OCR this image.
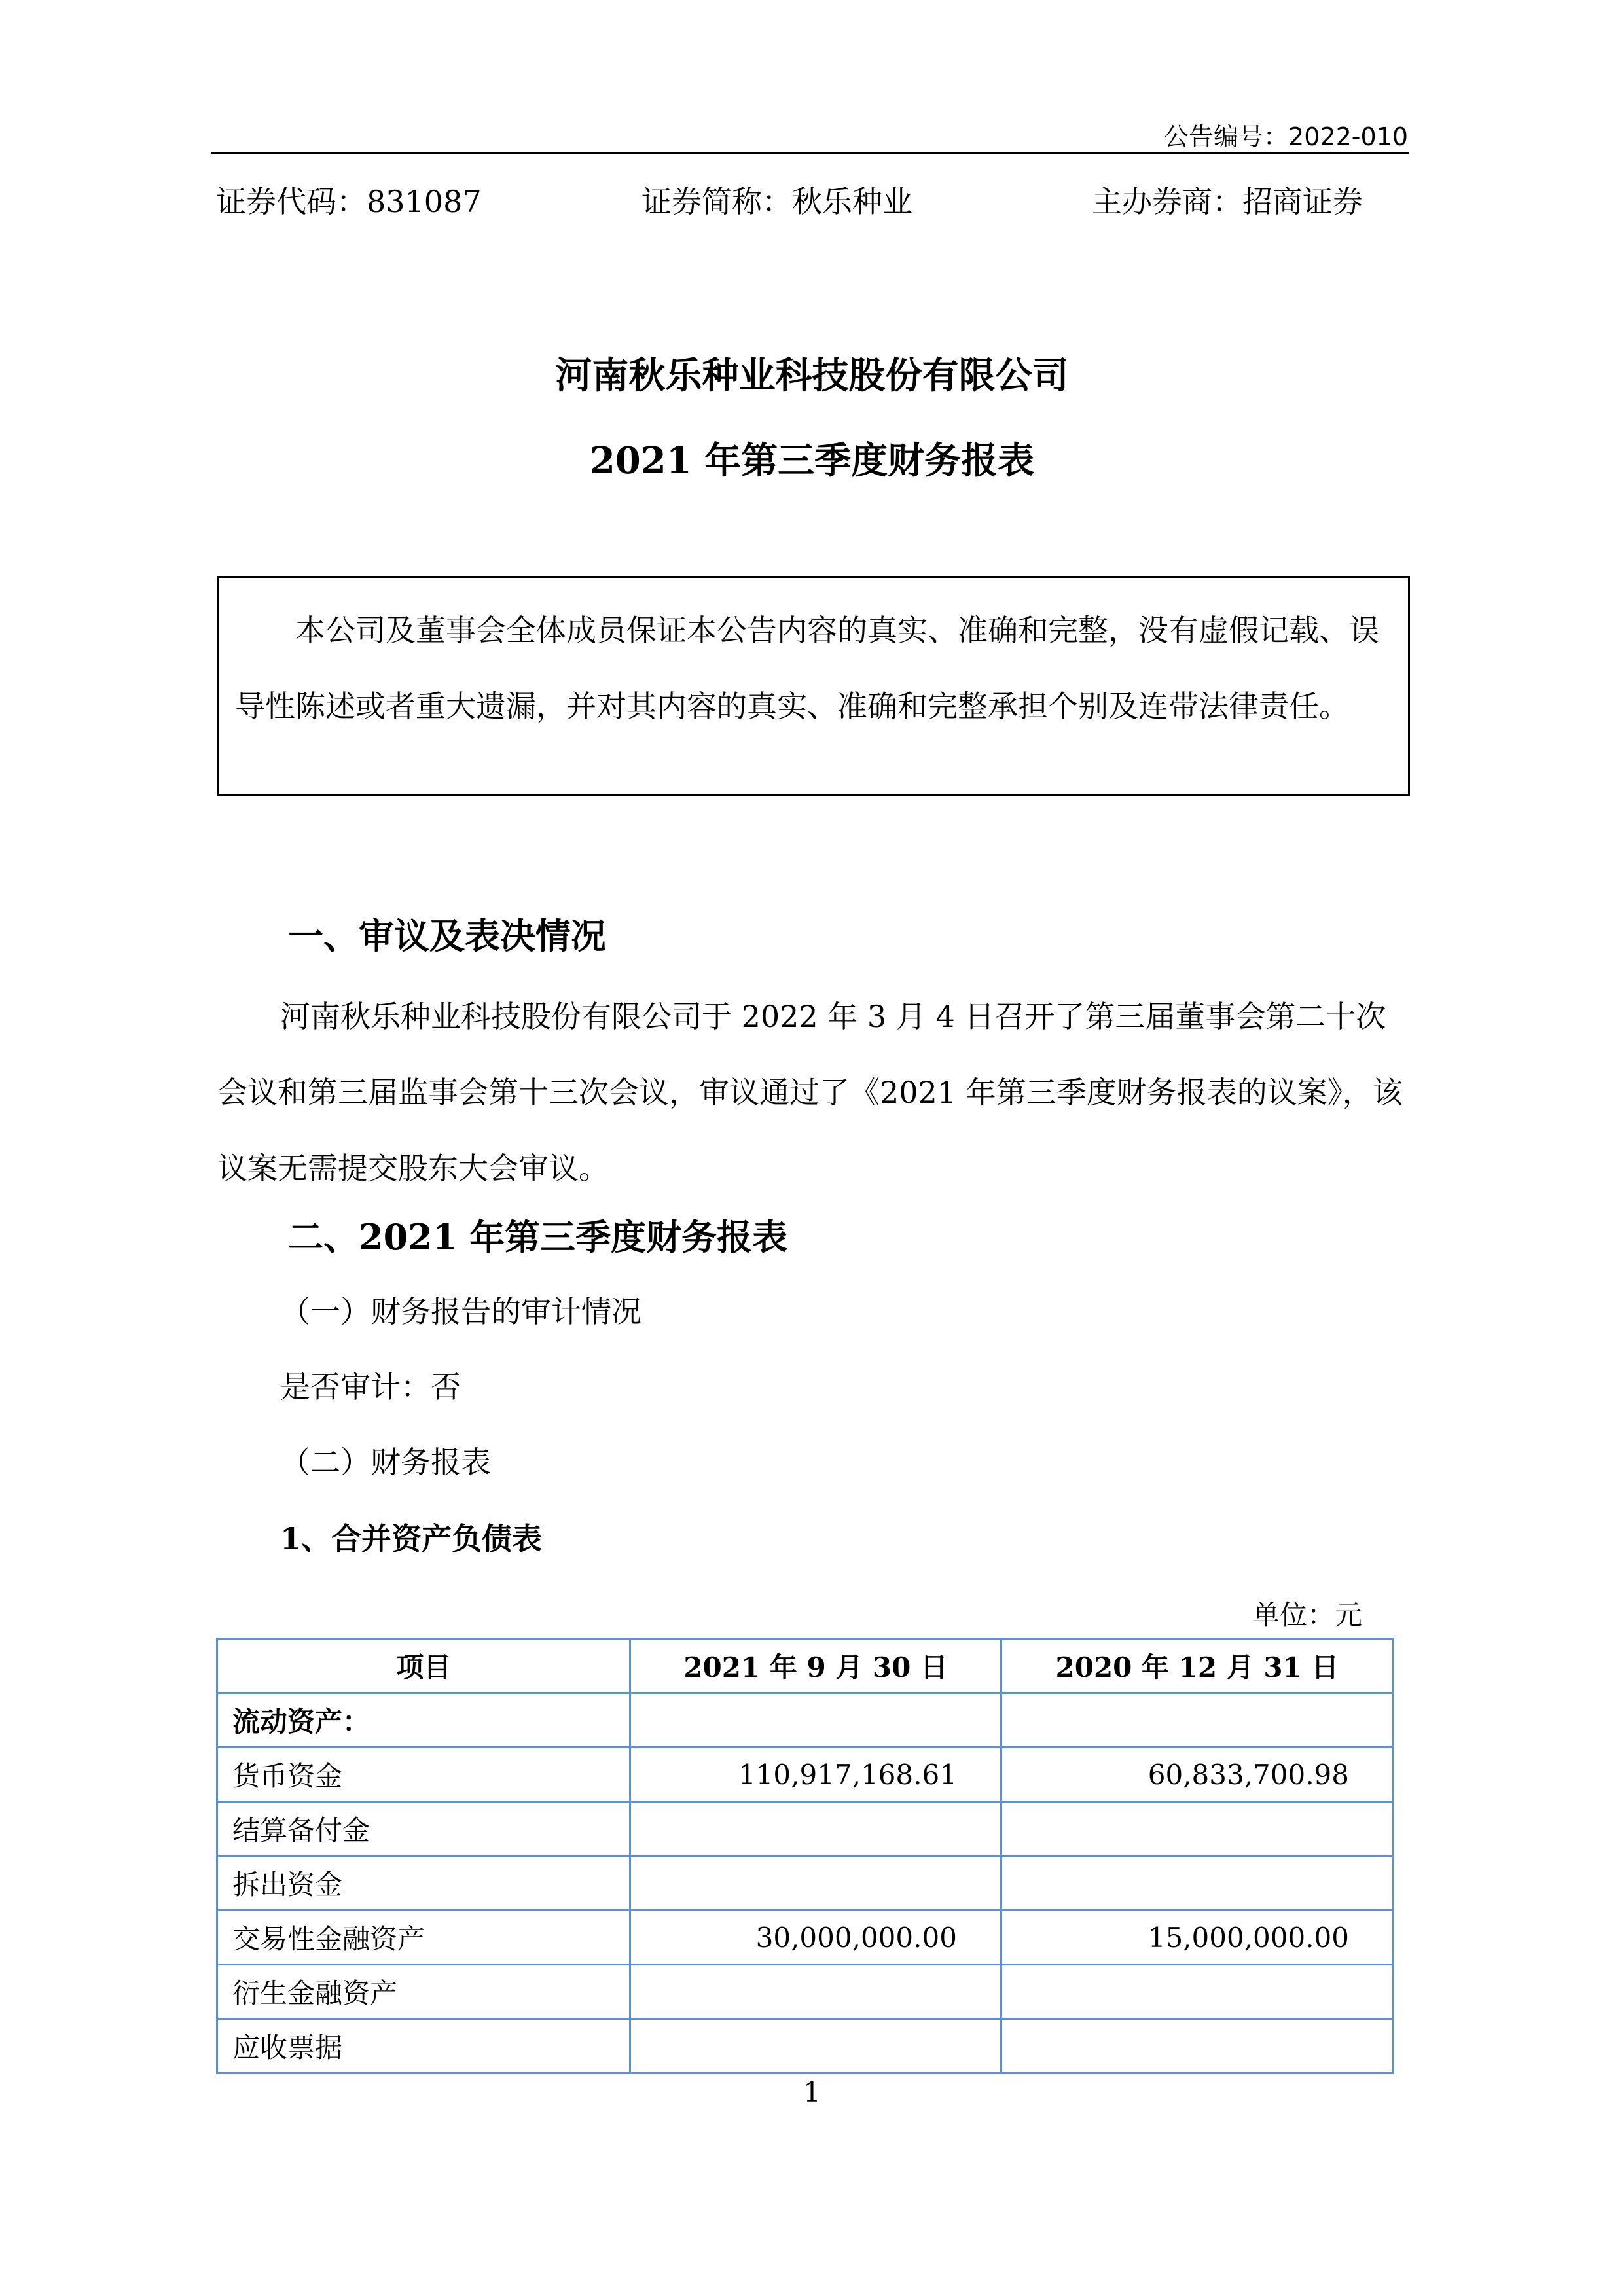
公告编号：2022-010
证券代码：831087	证券简称：秋乐种业	主办券商：招商证券
河南秋乐种业科技股份有限公司
2021 年第三季度财务报表

本公司及董事会全体成员保证本公告内容的真实、准确和完整，没有虚假记载、误导性陈述或者重大遗漏，并对其内容的真实、准确和完整承担个别及连带法律责任。

一、审议及表决情况

河南秋乐种业科技股份有限公司于 2022 年 3 月 4 日召开了第三届董事会第二十次会议和第三届监事会第十三次会议，审议通过了《2021 年第三季度财务报表的议案》，该议案无需提交股东大会审议。

二、2021 年第三季度财务报表
（一）财务报告的审计情况
是否审计：否
（二）财务报表
1、合并资产负债表
单位：元
项目	2021 年 9 月 30 日	2020 年 12 月 31 日
流动资产：		
货币资金	110,917,168.61	60,833,700.98
结算备付金		
拆出资金		
交易性金融资产	30,000,000.00	15,000,000.00
衍生金融资产		
应收票据		
1
